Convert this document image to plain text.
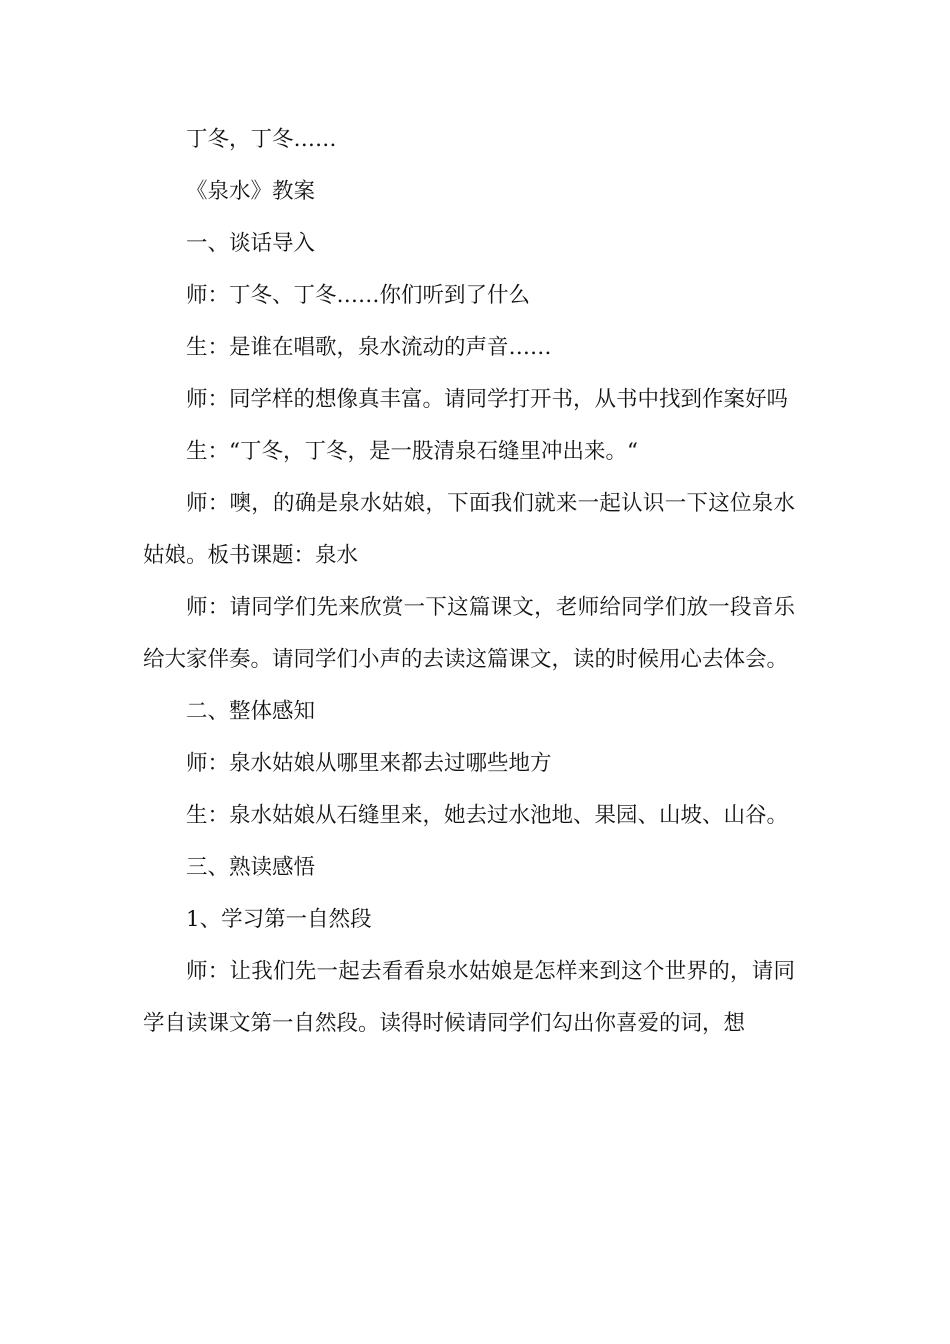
丁冬，丁冬……

《泉水》教案

一、谈话导入

师：丁冬、丁冬……你们听到了什么

生：是谁在唱歌，泉水流动的声音……

师：同学样的想像真丰富。请同学打开书，从书中找到作案好吗

生：“丁冬，丁冬，是一股清泉石缝里冲出来。“

师：噢，的确是泉水姑娘，下面我们就来一起认识一下这位泉水姑娘。板书课题：泉水

师：请同学们先来欣赏一下这篇课文，老师给同学们放一段音乐给大家伴奏。请同学们小声的去读这篇课文，读的时候用心去体会。

二、整体感知

师：泉水姑娘从哪里来都去过哪些地方

生：泉水姑娘从石缝里来，她去过水池地、果园、山坡、山谷。

三、熟读感悟

1、学习第一自然段

师：让我们先一起去看看泉水姑娘是怎样来到这个世界的，请同学自读课文第一自然段。读得时候请同学们勾出你喜爱的词，想
